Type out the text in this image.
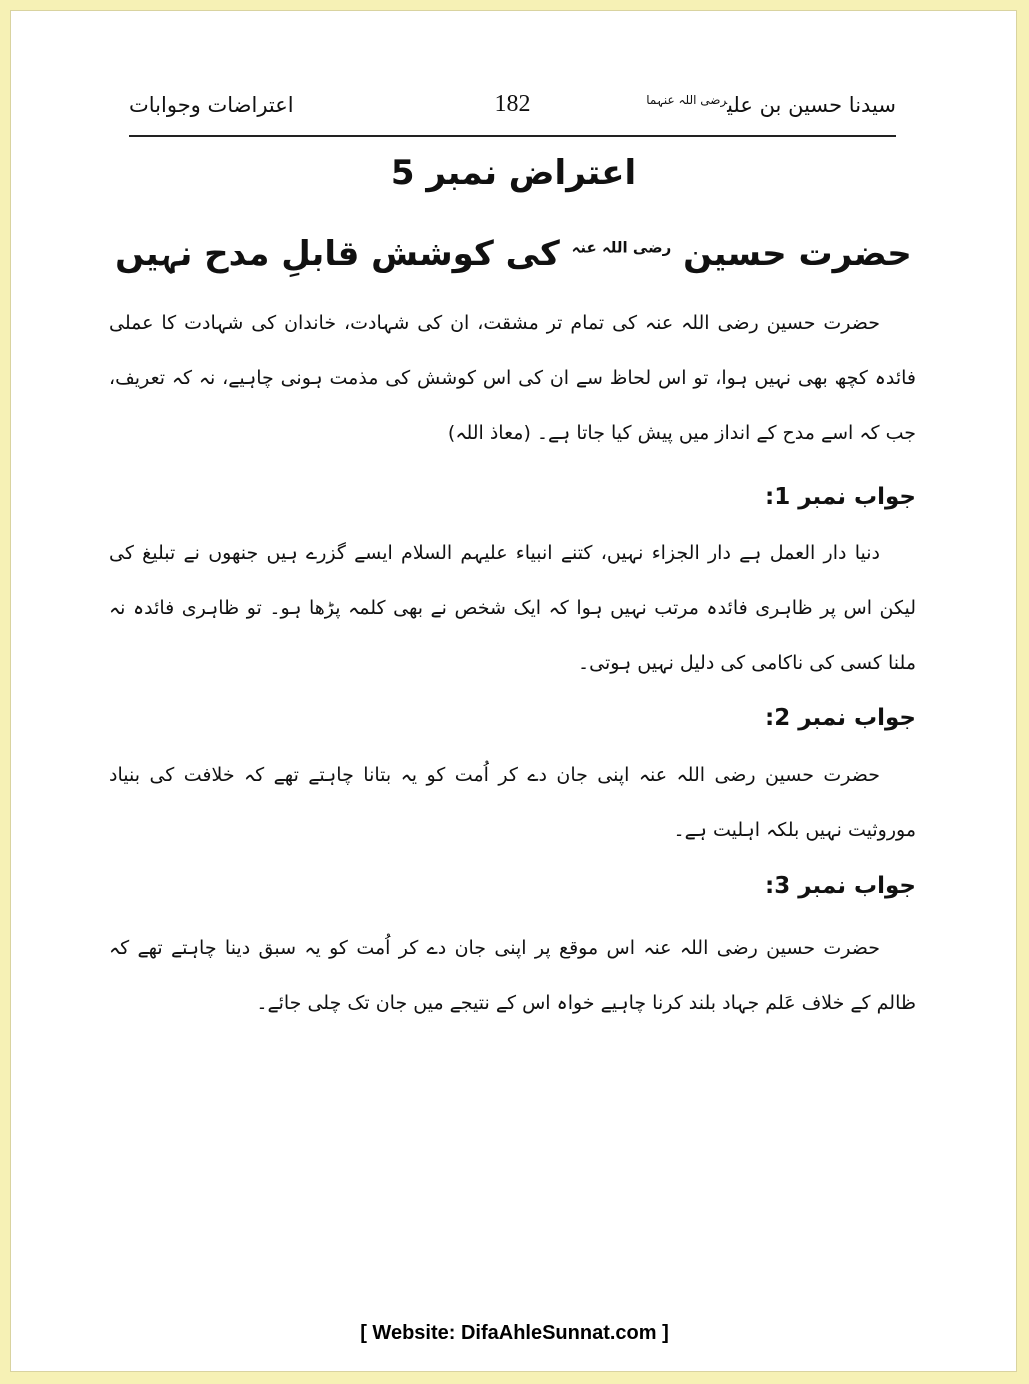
سیدنا حسین بن علی$^{رضی اللہ عنہما}$
182
اعتراضات وجوابات
اعتراض نمبر 5
حضرت حسین $^{رضی اللہ عنہ}$ کی کوشش قابلِ مدح نہیں

حضرت حسین رضی اللہ عنہ کی تمام تر مشقت، ان کی شہادت، خاندان کی شہادت کا عملی فائدہ کچھ بھی نہیں ہوا، تو اس لحاظ سے ان کی اس کوشش کی مذمت ہونی چاہیے، نہ کہ تعریف، جب کہ اسے مدح کے انداز میں پیش کیا جاتا ہے۔ (معاذ اللہ)

جواب نمبر 1:

دنیا دار العمل ہے دار الجزاء نہیں، کتنے انبیاء علیہم السلام ایسے گزرے ہیں جنھوں نے تبلیغ کی لیکن اس پر ظاہری فائدہ مرتب نہیں ہوا کہ ایک شخص نے بھی کلمہ پڑھا ہو۔ تو ظاہری فائدہ نہ ملنا کسی کی ناکامی کی دلیل نہیں ہوتی۔

جواب نمبر 2:

حضرت حسین رضی اللہ عنہ اپنی جان دے کر اُمت کو یہ بتانا چاہتے تھے کہ خلافت کی بنیاد موروثیت نہیں بلکہ اہلیت ہے۔

جواب نمبر 3:

حضرت حسین رضی اللہ عنہ اس موقع پر اپنی جان دے کر اُمت کو یہ سبق دینا چاہتے تھے کہ ظالم کے خلاف عَلم جہاد بلند کرنا چاہیے خواہ اس کے نتیجے میں جان تک چلی جائے۔

[ Website: DifaAhleSunnat.com ]
